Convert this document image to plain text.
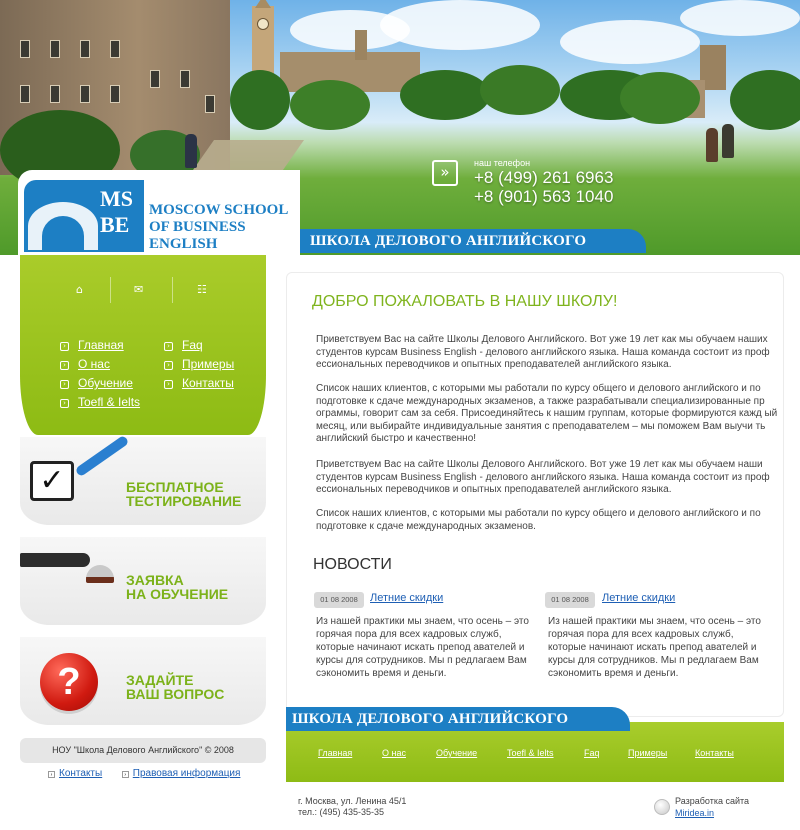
»	наш телефон
+8 (499) 261 6963
+8 (901) 563 1040
ШКОЛА ДЕЛОВОГО АНГЛИЙСКОГО
MS
BE
MOSCOW SCHOOL
OF BUSINESS
ENGLISH
⌂	✉	☷
› Главная
› О нас
› Обучение
› Toefl & Ielts
› Faq
› Примеры
› Контакты
✓	БЕСПЛАТНОЕ
ТЕСТИРОВАНИЕ
ЗАЯВКА
НА ОБУЧЕНИЕ
?	ЗАДАЙТЕ
ВАШ ВОПРОС
НОУ "Школа Делового Английского" © 2008
› Контакты	› Правовая информация
ДОБРО ПОЖАЛОВАТЬ В НАШУ ШКОЛУ!
Приветствуем Вас на сайте Школы Делового Английского. Вот уже 19 лет как мы обучаем наших студентов курсам Business English - делового английского языка. Наша команда состоит из проф ессиональных переводчиков и опытных преподавателей английского языка.
Список наших клиентов, с которыми мы работали по курсу общего и делового английского и по подготовке к сдаче международных экзаменов, а также разрабатывали специализированные пр ограммы, говорит сам за себя. Присоединяйтесь к нашим группам, которые формируются кажд ый месяц, или выбирайте индивидуальные занятия с преподавателем – мы поможем Вам выучи ть английский быстро и качественно!
Приветствуем Вас на сайте Школы Делового Английского. Вот уже 19 лет как мы обучаем наши студентов курсам Business English - делового английского языка. Наша команда состоит из проф ессиональных переводчиков и опытных преподавателей английского языка.
Список наших клиентов, с которыми мы работали по курсу общего и делового английского и по подготовке к сдаче международных экзаменов.
НОВОСТИ
01 08 2008	Летние скидки
Из нашей практики мы знаем, что осень – это горячая пора для всех кадровых служб, которые начинают искать препод авателей и курсы для сотрудников. Мы п редлагаем Вам сэкономить время и деньги.
01 08 2008	Летние скидки
Из нашей практики мы знаем, что осень – это горячая пора для всех кадровых служб, которые начинают искать препод авателей и курсы для сотрудников. Мы п редлагаем Вам сэкономить время и деньги.
ШКОЛА ДЕЛОВОГО АНГЛИЙСКОГО
Главная	О нас	Обучение	Toefl & Ielts	Faq	Примеры	Контакты
г. Москва, ул. Ленина 45/1
тел.: (495) 435-35-35
Разработка сайта
Miridea.in
